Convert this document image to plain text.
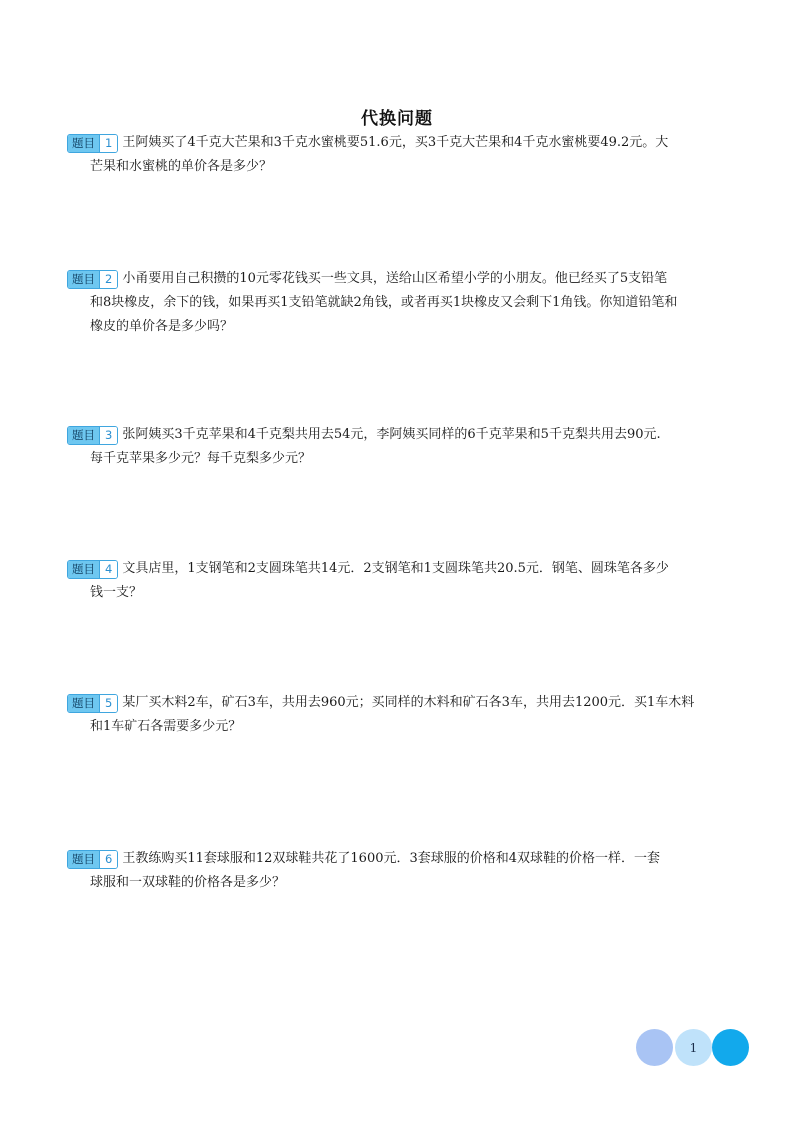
代换问题
题目 1 王阿姨买了4千克大芒果和3千克水蜜桃要51.6元，买3千克大芒果和4千克水蜜桃要49.2元。大
芒果和水蜜桃的单价各是多少？
题目 2 小甬要用自己积攒的10元零花钱买一些文具，送给山区希望小学的小朋友。他已经买了5支铅笔
和8块橡皮，余下的钱，如果再买1支铅笔就缺2角钱，或者再买1块橡皮又会剩下1角钱。你知道铅笔和
橡皮的单价各是多少吗？
题目 3 张阿姨买3千克苹果和4千克梨共用去54元，李阿姨买同样的6千克苹果和5千克梨共用去90元.
每千克苹果多少元？每千克梨多少元？
题目 4 文具店里，1支钢笔和2支圆珠笔共14元．2支钢笔和1支圆珠笔共20.5元．钢笔、圆珠笔各多少
钱一支？
题目 5 某厂买木料2车，矿石3车，共用去960元；买同样的木料和矿石各3车，共用去1200元．买1车木料
和1车矿石各需要多少元？
题目 6 王教练购买11套球服和12双球鞋共花了1600元．3套球服的价格和4双球鞋的价格一样．一套
球服和一双球鞋的价格各是多少？
1
